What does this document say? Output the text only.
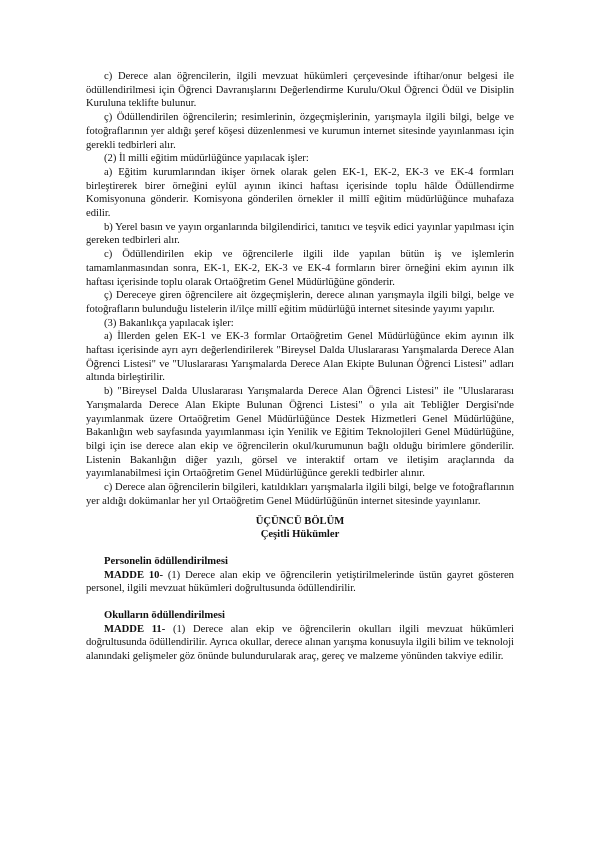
c) Derece alan öğrencilerin, ilgili mevzuat hükümleri çerçevesinde iftihar/onur belgesi ile ödüllendirilmesi için Öğrenci Davranışlarını Değerlendirme Kurulu/Okul Öğrenci Ödül ve Disiplin Kuruluna teklifte bulunur.

ç) Ödüllendirilen öğrencilerin; resimlerinin, özgeçmişlerinin, yarışmayla ilgili bilgi, belge ve fotoğraflarının yer aldığı şeref köşesi düzenlenmesi ve kurumun internet sitesinde yayınlanması için gerekli tedbirleri alır.

(2) İl milli eğitim müdürlüğünce yapılacak işler:

a) Eğitim kurumlarından ikişer örnek olarak gelen EK-1, EK-2, EK-3 ve EK-4 formları birleştirerek birer örneğini eylül ayının ikinci haftası içerisinde toplu hâlde Ödüllendirme Komisyonuna gönderir. Komisyona gönderilen örnekler il millî eğitim müdürlüğünce muhafaza edilir.

b) Yerel basın ve yayın organlarında bilgilendirici, tanıtıcı ve teşvik edici yayınlar yapılması için gereken tedbirleri alır.

c) Ödüllendirilen ekip ve öğrencilerle ilgili ilde yapılan bütün iş ve işlemlerin tamamlanmasından sonra, EK-1, EK-2, EK-3 ve EK-4 formların birer örneğini ekim ayının ilk haftası içerisinde toplu olarak Ortaöğretim Genel Müdürlüğüne gönderir.

ç) Dereceye giren öğrencilere ait özgeçmişlerin, derece alınan yarışmayla ilgili bilgi, belge ve fotoğrafların bulunduğu listelerin il/ilçe millî eğitim müdürlüğü internet sitesinde yayımı yapılır.

(3) Bakanlıkça yapılacak işler:

a) İllerden gelen EK-1 ve EK-3 formlar Ortaöğretim Genel Müdürlüğünce ekim ayının ilk haftası içerisinde ayrı ayrı değerlendirilerek "Bireysel Dalda Uluslararası Yarışmalarda Derece Alan Öğrenci Listesi" ve "Uluslararası Yarışmalarda Derece Alan Ekipte Bulunan Öğrenci Listesi" adları altında birleştirilir.

b) "Bireysel Dalda Uluslararası Yarışmalarda Derece Alan Öğrenci Listesi" ile "Uluslararası Yarışmalarda Derece Alan Ekipte Bulunan Öğrenci Listesi" o yıla ait Tebliğler Dergisi'nde yayımlanmak üzere Ortaöğretim Genel Müdürlüğünce Destek Hizmetleri Genel Müdürlüğüne, Bakanlığın web sayfasında yayımlanması için Yenilik ve Eğitim Teknolojileri Genel Müdürlüğüne, bilgi için ise derece alan ekip ve öğrencilerin okul/kurumunun bağlı olduğu birimlere gönderilir. Listenin Bakanlığın diğer yazılı, görsel ve interaktif ortam ve iletişim araçlarında da yayımlanabilmesi için Ortaöğretim Genel Müdürlüğünce gerekli tedbirler alınır.

c) Derece alan öğrencilerin bilgileri, katıldıkları yarışmalarla ilgili bilgi, belge ve fotoğraflarının yer aldığı dokümanlar her yıl Ortaöğretim Genel Müdürlüğünün internet sitesinde yayınlanır.

ÜÇÜNCÜ BÖLÜM

Çeşitli Hükümler

Personelin ödüllendirilmesi

MADDE 10- (1) Derece alan ekip ve öğrencilerin yetiştirilmelerinde üstün gayret gösteren personel, ilgili mevzuat hükümleri doğrultusunda ödüllendirilir.

Okulların ödüllendirilmesi

MADDE 11- (1) Derece alan ekip ve öğrencilerin okulları ilgili mevzuat hükümleri doğrultusunda ödüllendirilir. Ayrıca okullar, derece alınan yarışma konusuyla ilgili bilim ve teknoloji alanındaki gelişmeler göz önünde bulundurularak araç, gereç ve malzeme yönünden takviye edilir.
